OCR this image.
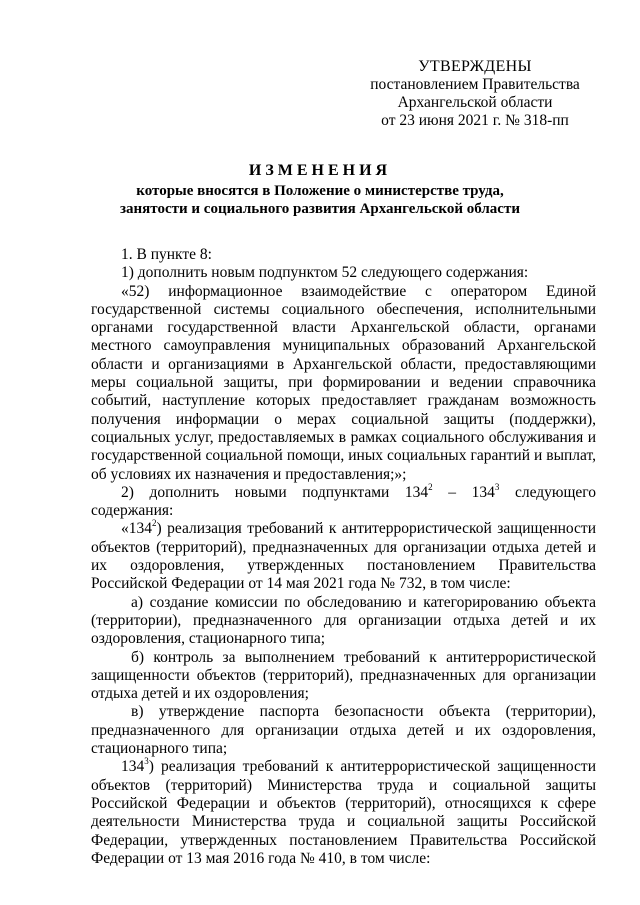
УТВЕРЖДЕНЫ
постановлением Правительства
Архангельской области
от 23 июня 2021 г. № 318-пп
ИЗМЕНЕНИЯ
которые вносятся в Положение о министерстве труда,
занятости и социального развития Архангельской области

1. В пункте 8:

1) дополнить новым подпунктом 52 следующего содержания:

«52) информационное взаимодействие с оператором Единой государственной системы социального обеспечения, исполнительными органами государственной власти Архангельской области, органами местного самоуправления муниципальных образований Архангельской области и организациями в Архангельской области, предоставляющими меры социальной защиты, при формировании и ведении справочника событий, наступление которых предоставляет гражданам возможность получения информации о мерах социальной защиты (поддержки), социальных услуг, предоставляемых в рамках социального обслуживания и государственной социальной помощи, иных социальных гарантий и выплат, об условиях их назначения и предоставления;»;

2) дополнить новыми подпунктами $134^2 - 134^3$ следующего содержания:

«$134^2$) реализация требований к антитеррористической защищенности объектов (территорий), предназначенных для организации отдыха детей и их оздоровления, утвержденных постановлением Правительства Российской Федерации от 14 мая 2021 года № 732, в том числе:

а) создание комиссии по обследованию и категорированию объекта (территории), предназначенного для организации отдыха детей и их оздоровления, стационарного типа;

б) контроль за выполнением требований к антитеррористической защищенности объектов (территорий), предназначенных для организации отдыха детей и их оздоровления;

в) утверждение паспорта безопасности объекта (территории), предназначенного для организации отдыха детей и их оздоровления, стационарного типа;

$134^3$) реализация требований к антитеррористической защищенности объектов (территорий) Министерства труда и социальной защиты Российской Федерации и объектов (территорий), относящихся к сфере деятельности Министерства труда и социальной защиты Российской Федерации, утвержденных постановлением Правительства Российской Федерации от 13 мая 2016 года № 410, в том числе:
